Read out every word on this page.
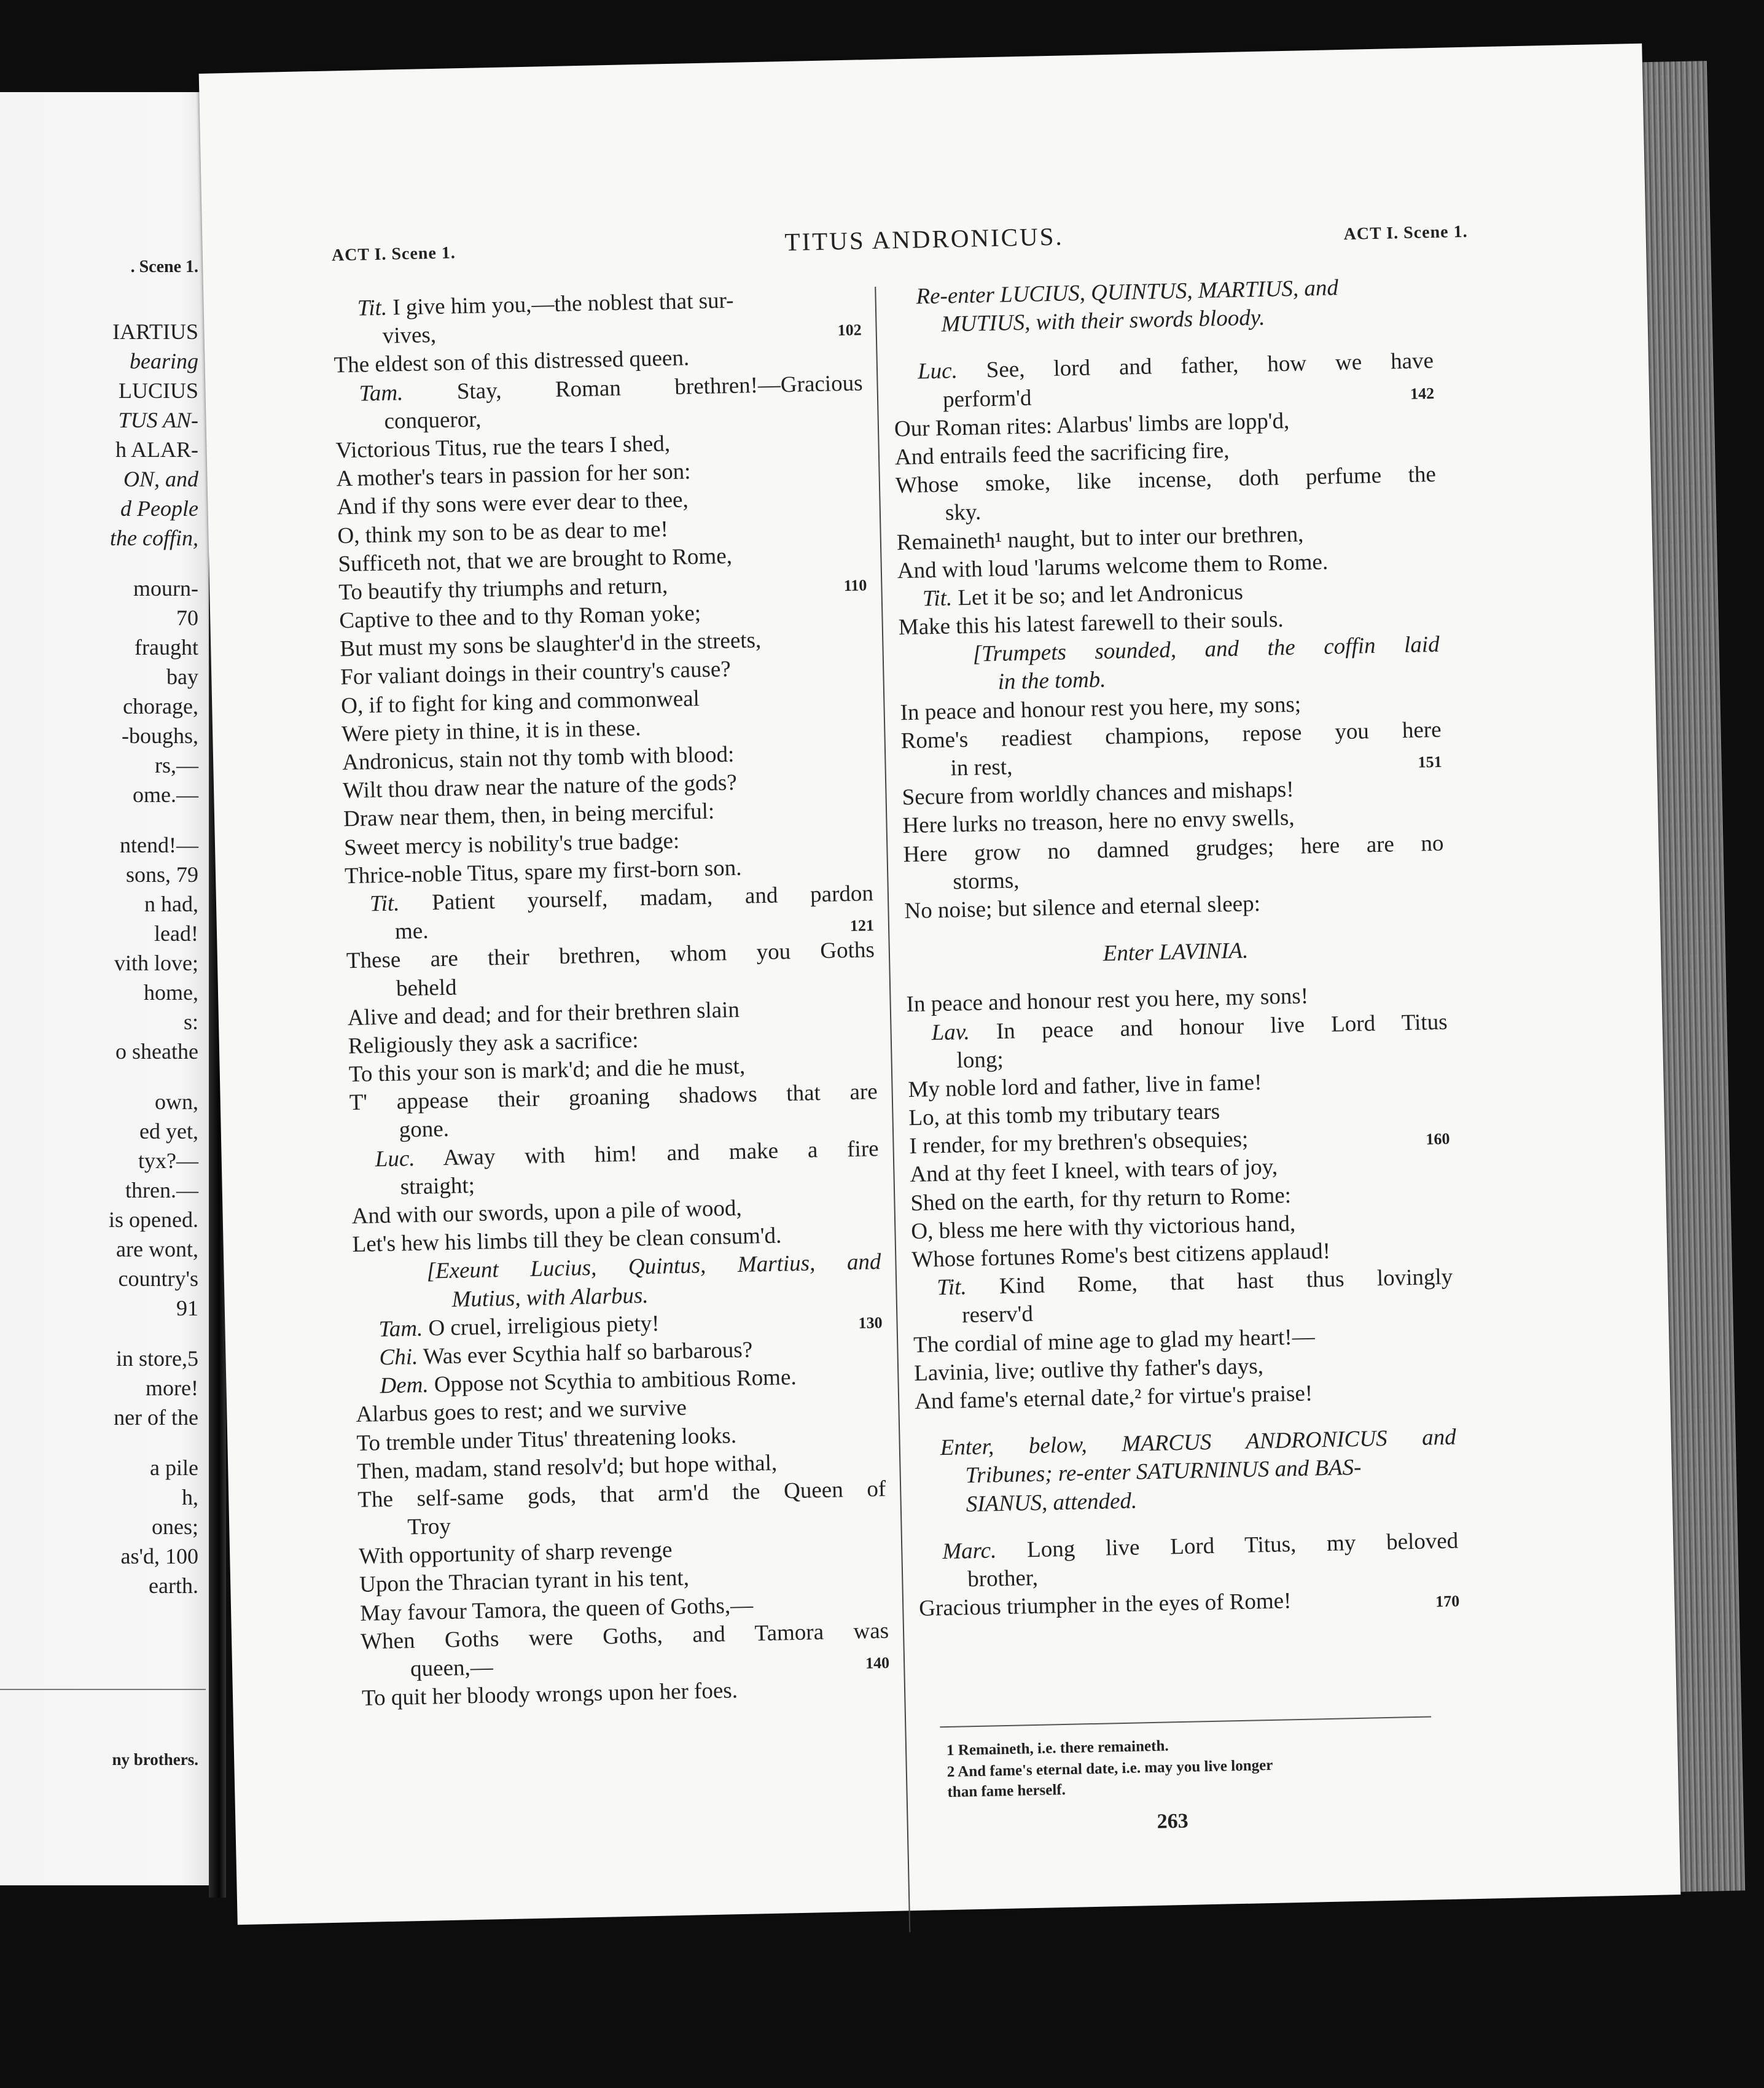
. Scene 1.
IARTIUS
bearing
LUCIUS
TUS AN-
h ALAR-
ON, and
d People
the coffin,
mourn-
70
fraught
bay
chorage,
-boughs,
rs,—
ome.—
ntend!—
sons, 79
n had,
lead!
vith love;
home,
s:
o sheathe
own,
ed yet,
tyx?—
thren.—
is opened.
are wont,
country's
91
in store,5
more!
ner of the
a pile
h,
ones;
as'd, 100
earth.
ny brothers.
ACT I. Scene 1.	TITUS ANDRONICUS.	ACT I. Scene 1.
Tit. I give him you,—the noblest that sur-
vives,	102
The eldest son of this distressed queen.
Tam. Stay, Roman brethren!—Gracious
conqueror,
Victorious Titus, rue the tears I shed,
A mother's tears in passion for her son:
And if thy sons were ever dear to thee,
O, think my son to be as dear to me!
Sufficeth not, that we are brought to Rome,
To beautify thy triumphs and return,	110
Captive to thee and to thy Roman yoke;
But must my sons be slaughter'd in the streets,
For valiant doings in their country's cause?
O, if to fight for king and commonweal
Were piety in thine, it is in these.
Andronicus, stain not thy tomb with blood:
Wilt thou draw near the nature of the gods?
Draw near them, then, in being merciful:
Sweet mercy is nobility's true badge:
Thrice-noble Titus, spare my first-born son.
Tit. Patient yourself, madam, and pardon
me.	121
These are their brethren, whom you Goths
beheld
Alive and dead; and for their brethren slain
Religiously they ask a sacrifice:
To this your son is mark'd; and die he must,
T' appease their groaning shadows that are
gone.
Luc. Away with him! and make a fire
straight;
And with our swords, upon a pile of wood,
Let's hew his limbs till they be clean consum'd.
[Exeunt Lucius, Quintus, Martius, and
Mutius, with Alarbus.
Tam. O cruel, irreligious piety!	130
Chi. Was ever Scythia half so barbarous?
Dem. Oppose not Scythia to ambitious Rome.
Alarbus goes to rest; and we survive
To tremble under Titus' threatening looks.
Then, madam, stand resolv'd; but hope withal,
The self-same gods, that arm'd the Queen of
Troy
With opportunity of sharp revenge
Upon the Thracian tyrant in his tent,
May favour Tamora, the queen of Goths,—
When Goths were Goths, and Tamora was
queen,—	140
To quit her bloody wrongs upon her foes.
Re-enter LUCIUS, QUINTUS, MARTIUS, and
MUTIUS, with their swords bloody.
Luc. See, lord and father, how we have
perform'd	142
Our Roman rites: Alarbus' limbs are lopp'd,
And entrails feed the sacrificing fire,
Whose smoke, like incense, doth perfume the
sky.
Remaineth¹ naught, but to inter our brethren,
And with loud 'larums welcome them to Rome.
Tit. Let it be so; and let Andronicus
Make this his latest farewell to their souls.
[Trumpets sounded, and the coffin laid
in the tomb.
In peace and honour rest you here, my sons;
Rome's readiest champions, repose you here
in rest,	151
Secure from worldly chances and mishaps!
Here lurks no treason, here no envy swells,
Here grow no damned grudges; here are no
storms,
No noise; but silence and eternal sleep:
Enter LAVINIA.
In peace and honour rest you here, my sons!
Lav. In peace and honour live Lord Titus
long;
My noble lord and father, live in fame!
Lo, at this tomb my tributary tears
I render, for my brethren's obsequies;	160
And at thy feet I kneel, with tears of joy,
Shed on the earth, for thy return to Rome:
O, bless me here with thy victorious hand,
Whose fortunes Rome's best citizens applaud!
Tit. Kind Rome, that hast thus lovingly
reserv'd
The cordial of mine age to glad my heart!—
Lavinia, live; outlive thy father's days,
And fame's eternal date,² for virtue's praise!
Enter, below, MARCUS ANDRONICUS and
Tribunes; re-enter SATURNINUS and BAS-
SIANUS, attended.
Marc. Long live Lord Titus, my beloved
brother,
Gracious triumpher in the eyes of Rome!	170
1 Remaineth, i.e. there remaineth.
2 And fame's eternal date, i.e. may you live longer
than fame herself.
263
